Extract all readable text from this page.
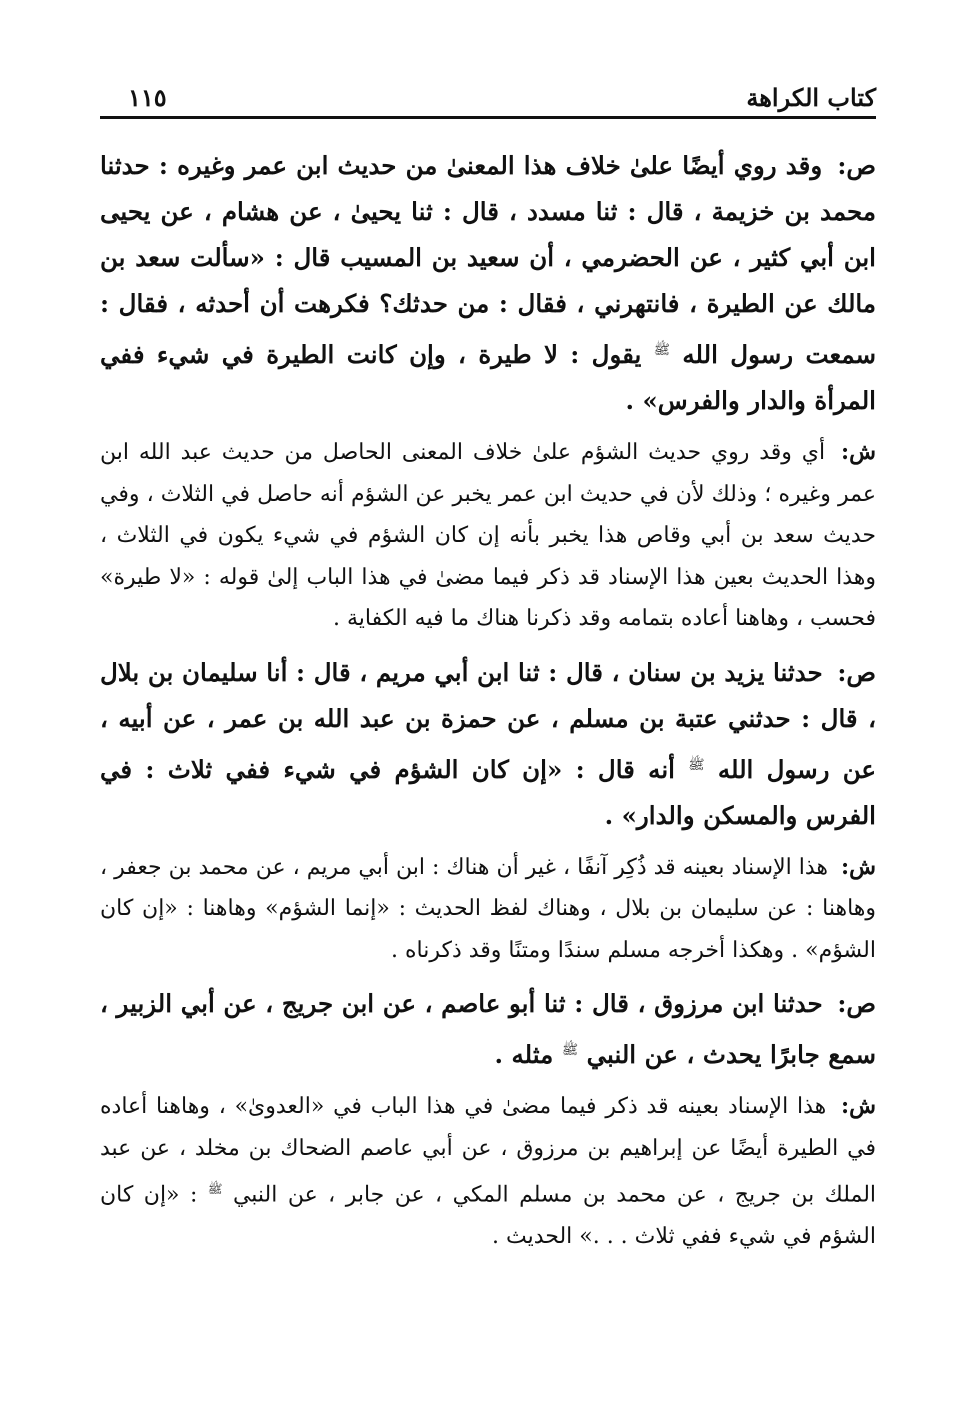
كتاب الكراهة
١١٥

ص: وقد روي أيضًا علىٰ خلاف هذا المعنىٰ من حديث ابن عمر وغيره : حدثنا محمد بن خزيمة ، قال : ثنا مسدد ، قال : ثنا يحيىٰ ، عن هشام ، عن يحيى ابن أبي كثير ، عن الحضرمي ، أن سعيد بن المسيب قال : «سألت سعد بن مالك عن الطيرة ، فانتهرني ، فقال : من حدثك؟ فكرهت أن أحدثه ، فقال : سمعت رسول الله $^ﷺ$ يقول : لا طيرة ، وإن كانت الطيرة في شيء ففي المرأة والدار والفرس» .

ش: أي وقد روي حديث الشؤم علىٰ خلاف المعنى الحاصل من حديث عبد الله ابن عمر وغيره ؛ وذلك لأن في حديث ابن عمر يخبر عن الشؤم أنه حاصل في الثلاث ، وفي حديث سعد بن أبي وقاص هذا يخبر بأنه إن كان الشؤم في شيء يكون في الثلاث ، وهذا الحديث بعين هذا الإسناد قد ذكر فيما مضىٰ في هذا الباب إلىٰ قوله : «لا طيرة» فحسب ، وهاهنا أعاده بتمامه وقد ذكرنا هناك ما فيه الكفاية .

ص: حدثنا يزيد بن سنان ، قال : ثنا ابن أبي مريم ، قال : أنا سليمان بن بلال ، قال : حدثني عتبة بن مسلم ، عن حمزة بن عبد الله بن عمر ، عن أبيه ، عن رسول الله $^ﷺ$ أنه قال : «إن كان الشؤم في شيء ففي ثلاث : في الفرس والمسكن والدار» .

ش: هذا الإسناد بعينه قد ذُكِر آنفًا ، غير أن هناك : ابن أبي مريم ، عن محمد بن جعفر ، وهاهنا : عن سليمان بن بلال ، وهناك لفظ الحديث : «إنما الشؤم» وهاهنا : «إن كان الشؤم» . وهكذا أخرجه مسلم سندًا ومتنًا وقد ذكرناه .

ص: حدثنا ابن مرزوق ، قال : ثنا أبو عاصم ، عن ابن جريج ، عن أبي الزبير ، سمع جابرًا يحدث ، عن النبي $^ﷺ$ مثله .

ش: هذا الإسناد بعينه قد ذكر فيما مضىٰ في هذا الباب في «العدوىٰ» ، وهاهنا أعاده في الطيرة أيضًا عن إبراهيم بن مرزوق ، عن أبي عاصم الضحاك بن مخلد ، عن عبد الملك بن جريج ، عن محمد بن مسلم المكي ، عن جابر ، عن النبي $^ﷺ$ : «إن كان الشؤم في شيء ففي ثلاث . . .» الحديث .
